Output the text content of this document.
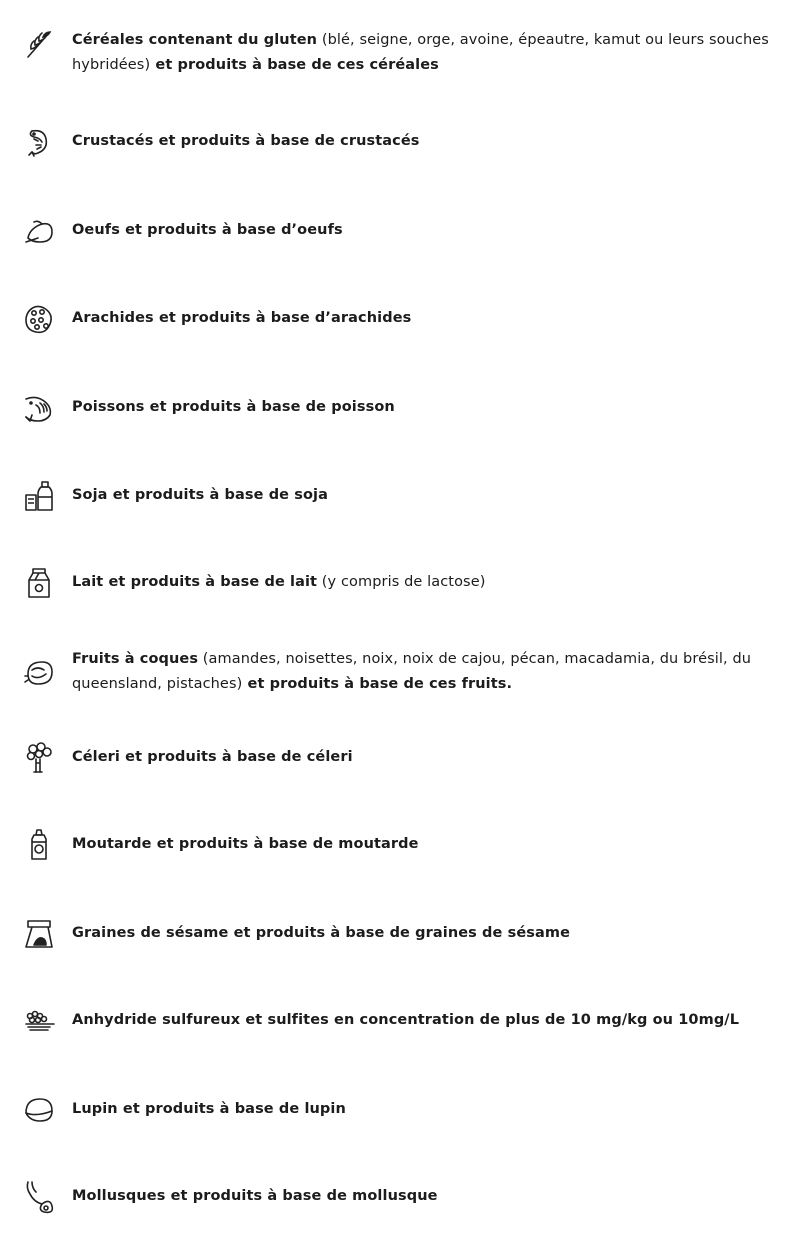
Céréales contenant du gluten (blé, seigne, orge, avoine, épeautre, kamut ou leurs souches hybridées) et produits à base de ces céréales
Crustacés et produits à base de crustacés
Oeufs et produits à base d’oeufs
Arachides et produits à base d’arachides
Poissons et produits à base de poisson
Soja et produits à base de soja
Lait et produits à base de lait (y compris de lactose)
Fruits à coques (amandes, noisettes, noix, noix de cajou, pécan, macadamia, du brésil, du queensland, pistaches) et produits à base de ces fruits.
Céleri et produits à base de céleri
Moutarde et produits à base de moutarde
Graines de sésame et produits à base de graines de sésame
Anhydride sulfureux et sulfites en concentration de plus de 10 mg/kg ou 10mg/L
Lupin et produits à base de lupin
Mollusques et produits à base de mollusque
